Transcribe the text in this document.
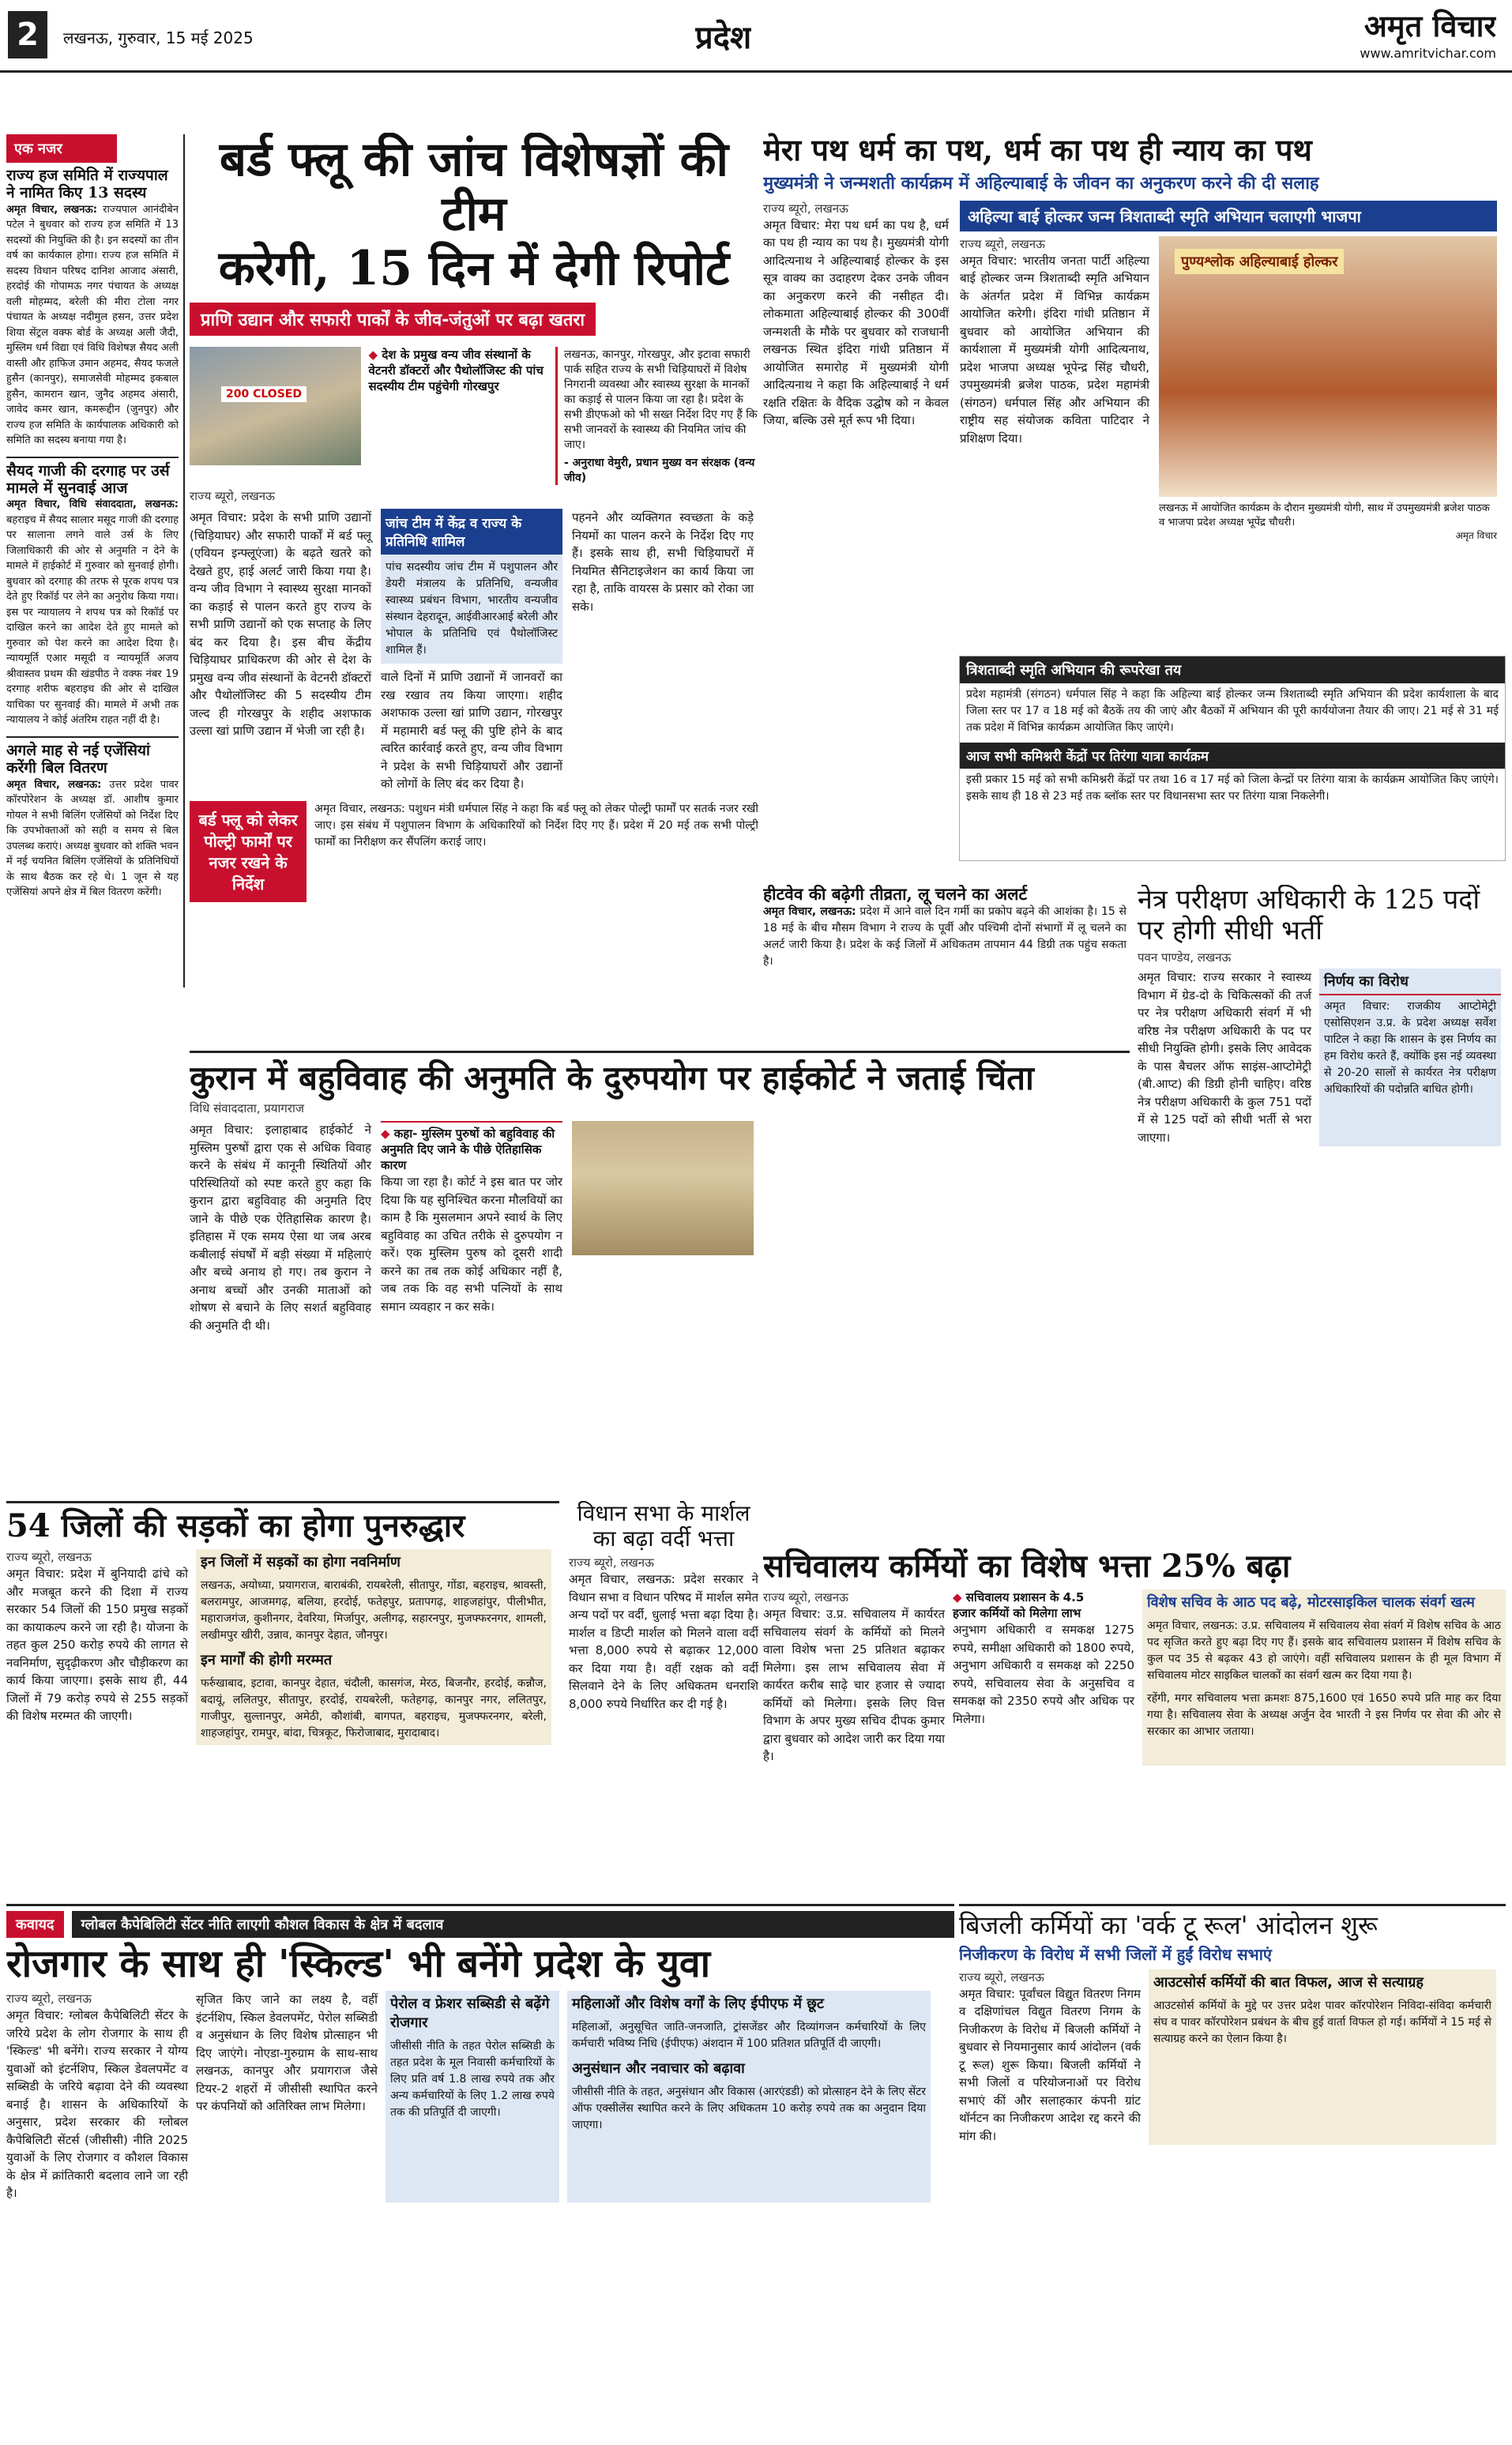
2	लखनऊ, गुरुवार, 15 मई 2025	प्रदेश	अमृत विचार
www.amritvichar.com
एक नजर
राज्य हज समिति में राज्यपाल ने नामित किए 13 सदस्य
अमृत विचार, लखनऊ: राज्यपाल आनंदीबेन पटेल ने बुधवार को राज्य हज समिति में 13 सदस्यों की नियुक्ति की है। इन सदस्यों का तीन वर्ष का कार्यकाल होगा। राज्य हज समिति में सदस्य विधान परिषद दानिश आजाद अंसारी, हरदोई की गोपामऊ नगर पंचायत के अध्यक्ष वली मोहम्मद, बरेली की मीरा टोला नगर पंचायत के अध्यक्ष नदीमुल हसन, उत्तर प्रदेश शिया सेंट्रल वक्फ बोर्ड के अध्यक्ष अली जैदी, मुस्लिम धर्म विद्या एवं विधि विशेषज्ञ सैयद अली वास्ती और हाफिज उमान अहमद, सैयद फजले हुसैन (कानपुर), समाजसेवी मोहम्मद इकबाल हुसैन, कामरान खान, जुनैद अहमद अंसारी, जावेद कमर खान, कमरूद्दीन (जुनपुर) और राज्य हज समिति के कार्यपालक अधिकारी को समिति का सदस्य बनाया गया है।
सैयद गाजी की दरगाह पर उर्स मामले में सुनवाई आज
अमृत विचार, विधि संवाददाता, लखनऊ: बहराइच में सैयद सालार मसूद गाजी की दरगाह पर सालाना लगने वाले उर्स के लिए जिलाधिकारी की ओर से अनुमति न देने के मामले में हाईकोर्ट में गुरुवार को सुनवाई होगी। बुधवार को दरगाह की तरफ से पूरक शपथ पत्र देते हुए रिकॉर्ड पर लेने का अनुरोध किया गया। इस पर न्यायालय ने शपथ पत्र को रिकॉर्ड पर दाखिल करने का आदेश देते हुए मामले को गुरुवार को पेश करने का आदेश दिया है। न्यायमूर्ति एआर मसूदी व न्यायमूर्ति अजय श्रीवास्तव प्रथम की खंडपीठ ने वक्फ नंबर 19 दरगाह शरीफ बहराइच की ओर से दाखिल याचिका पर सुनवाई की। मामले में अभी तक न्यायालय ने कोई अंतरिम राहत नहीं दी है।
अगले माह से नई एजेंसियां करेंगी बिल वितरण
अमृत विचार, लखनऊ: उत्तर प्रदेश पावर कॉरपोरेशन के अध्यक्ष डॉ. आशीष कुमार गोयल ने सभी बिलिंग एजेंसियों को निर्देश दिए कि उपभोक्ताओं को सही व समय से बिल उपलब्ध कराएं। अध्यक्ष बुधवार को शक्ति भवन में नई चयनित बिलिंग एजेंसियों के प्रतिनिधियों के साथ बैठक कर रहे थे। 1 जून से यह एजेंसियां अपने क्षेत्र में बिल वितरण करेंगी।
बर्ड फ्लू की जांच विशेषज्ञों की टीम
करेगी, 15 दिन में देगी रिपोर्ट
प्राणि उद्यान और सफारी पार्कों के जीव-जंतुओं पर बढ़ा खतरा
200 CLOSED
◆ देश के प्रमुख वन्य जीव संस्थानों के वेटनरी डॉक्टरों और पैथोलॉजिस्ट की पांच सदस्यीय टीम पहुंचेगी गोरखपुर
लखनऊ, कानपुर, गोरखपुर, और इटावा सफारी पार्क सहित राज्य के सभी चिड़ियाघरों में विशेष निगरानी व्यवस्था और स्वास्थ्य सुरक्षा के मानकों का कड़ाई से पालन किया जा रहा है। प्रदेश के सभी डीएफओ को भी सख्त निर्देश दिए गए हैं कि सभी जानवरों के स्वास्थ्य की नियमित जांच की जाए।
- अनुराधा वेमुरी, प्रधान मुख्य वन संरक्षक (वन्य जीव)
राज्य ब्यूरो, लखनऊ
अमृत विचार: प्रदेश के सभी प्राणि उद्यानों (चिड़ियाघर) और सफारी पार्कों में बर्ड फ्लू (एवियन इन्फ्लूएंजा) के बढ़ते खतरे को देखते हुए, हाई अलर्ट जारी किया गया है। वन्य जीव विभाग ने स्वास्थ्य सुरक्षा मानकों का कड़ाई से पालन करते हुए राज्य के सभी प्राणि उद्यानों को एक सप्ताह के लिए बंद कर दिया है। इस बीच केंद्रीय चिड़ियाघर प्राधिकरण की ओर से देश के प्रमुख वन्य जीव संस्थानों के वेटनरी डॉक्टरों और पैथोलॉजिस्ट की 5 सदस्यीय टीम जल्द ही गोरखपुर के शहीद अशफाक उल्ला खां प्राणि उद्यान में भेजी जा रही है।
जांच टीम में केंद्र व राज्य के प्रतिनिधि शामिल
पांच सदस्यीय जांच टीम में पशुपालन और डेयरी मंत्रालय के प्रतिनिधि, वन्यजीव स्वास्थ्य प्रबंधन विभाग, भारतीय वन्यजीव संस्थान देहरादून, आईवीआरआई बरेली और भोपाल के प्रतिनिधि एवं पैथोलॉजिस्ट शामिल हैं।
वाले दिनों में प्राणि उद्यानों में जानवरों का रख रखाव तय किया जाएगा। शहीद अशफाक उल्ला खां प्राणि उद्यान, गोरखपुर में महामारी बर्ड फ्लू की पुष्टि होने के बाद त्वरित कार्रवाई करते हुए, वन्य जीव विभाग ने प्रदेश के सभी चिड़ियाघरों और उद्यानों को लोगों के लिए बंद कर दिया है।
पहनने और व्यक्तिगत स्वच्छता के कड़े नियमों का पालन करने के निर्देश दिए गए हैं। इसके साथ ही, सभी चिड़ियाघरों में नियमित सैनिटाइजेशन का कार्य किया जा रहा है, ताकि वायरस के प्रसार को रोका जा सके।
बर्ड फ्लू को लेकर पोल्ट्री फार्मों पर नजर रखने के निर्देश
अमृत विचार, लखनऊ: पशुधन मंत्री धर्मपाल सिंह ने कहा कि बर्ड फ्लू को लेकर पोल्ट्री फार्मों पर सतर्क नजर रखी जाए। इस संबंध में पशुपालन विभाग के अधिकारियों को निर्देश दिए गए हैं। प्रदेश में 20 मई तक सभी पोल्ट्री फार्मों का निरीक्षण कर सैंपलिंग कराई जाए।
मेरा पथ धर्म का पथ, धर्म का पथ ही न्याय का पथ
मुख्यमंत्री ने जन्मशती कार्यक्रम में अहिल्याबाई के जीवन का अनुकरण करने की दी सलाह
राज्य ब्यूरो, लखनऊ
अमृत विचार: मेरा पथ धर्म का पथ है, धर्म का पथ ही न्याय का पथ है। मुख्यमंत्री योगी आदित्यनाथ ने अहिल्याबाई होल्कर के इस सूत्र वाक्य का उदाहरण देकर उनके जीवन का अनुकरण करने की नसीहत दी। लोकमाता अहिल्याबाई होल्कर की 300वीं जन्मशती के मौके पर बुधवार को राजधानी लखनऊ स्थित इंदिरा गांधी प्रतिष्ठान में आयोजित समारोह में मुख्यमंत्री योगी आदित्यनाथ ने कहा कि अहिल्याबाई ने धर्म रक्षति रक्षितः के वैदिक उद्घोष को न केवल जिया, बल्कि उसे मूर्त रूप भी दिया।
अहिल्या बाई होल्कर जन्म त्रिशताब्दी स्मृति अभियान चलाएगी भाजपा
राज्य ब्यूरो, लखनऊ
अमृत विचार: भारतीय जनता पार्टी अहिल्या बाई होल्कर जन्म त्रिशताब्दी स्मृति अभियान के अंतर्गत प्रदेश में विभिन्न कार्यक्रम आयोजित करेगी। इंदिरा गांधी प्रतिष्ठान में बुधवार को आयोजित अभियान की कार्यशाला में मुख्यमंत्री योगी आदित्यनाथ, प्रदेश भाजपा अध्यक्ष भूपेन्द्र सिंह चौधरी, उपमुख्यमंत्री ब्रजेश पाठक, प्रदेश महामंत्री (संगठन) धर्मपाल सिंह और अभियान की राष्ट्रीय सह संयोजक कविता पाटिदार ने प्रशिक्षण दिया।
पुण्यश्लोक अहिल्याबाई होल्कर
लखनऊ में आयोजित कार्यक्रम के दौरान मुख्यमंत्री योगी, साथ में उपमुख्यमंत्री ब्रजेश पाठक व भाजपा प्रदेश अध्यक्ष भूपेंद्र चौधरी।
अमृत विचार
त्रिशताब्दी स्मृति अभियान की रूपरेखा तय
प्रदेश महामंत्री (संगठन) धर्मपाल सिंह ने कहा कि अहिल्या बाई होल्कर जन्म त्रिशताब्दी स्मृति अभियान की प्रदेश कार्यशाला के बाद जिला स्तर पर 17 व 18 मई को बैठकें तय की जाएं और बैठकों में अभियान की पूरी कार्ययोजना तैयार की जाए। 21 मई से 31 मई तक प्रदेश में विभिन्न कार्यक्रम आयोजित किए जाएंगे।
आज सभी कमिश्नरी केंद्रों पर तिरंगा यात्रा कार्यक्रम
इसी प्रकार 15 मई को सभी कमिश्नरी केंद्रों पर तथा 16 व 17 मई को जिला केन्द्रों पर तिरंगा यात्रा के कार्यक्रम आयोजित किए जाएंगे। इसके साथ ही 18 से 23 मई तक ब्लॉक स्तर पर विधानसभा स्तर पर तिरंगा यात्रा निकलेगी।
हीटवेव की बढ़ेगी तीव्रता, लू चलने का अलर्ट
अमृत विचार, लखनऊ: प्रदेश में आने वाले दिन गर्मी का प्रकोप बढ़ने की आशंका है। 15 से 18 मई के बीच मौसम विभाग ने राज्य के पूर्वी और पश्चिमी दोनों संभागों में लू चलने का अलर्ट जारी किया है। प्रदेश के कई जिलों में अधिकतम तापमान 44 डिग्री तक पहुंच सकता है।
नेत्र परीक्षण अधिकारी के 125 पदों पर होगी सीधी भर्ती
पवन पाण्डेय, लखनऊ
अमृत विचार: राज्य सरकार ने स्वास्थ्य विभाग में ग्रेड-दो के चिकित्सकों की तर्ज पर नेत्र परीक्षण अधिकारी संवर्ग में भी वरिष्ठ नेत्र परीक्षण अधिकारी के पद पर सीधी नियुक्ति होगी। इसके लिए आवेदक के पास बैचलर ऑफ साइंस-आप्टोमेट्री (बी.आप्ट) की डिग्री होनी चाहिए। वरिष्ठ नेत्र परीक्षण अधिकारी के कुल 751 पदों में से 125 पदों को सीधी भर्ती से भरा जाएगा।
निर्णय का विरोध
अमृत विचार: राजकीय आप्टोमेट्री एसोसिएशन उ.प्र. के प्रदेश अध्यक्ष सर्वेश पाटिल ने कहा कि शासन के इस निर्णय का हम विरोध करते हैं, क्योंकि इस नई व्यवस्था से 20-20 सालों से कार्यरत नेत्र परीक्षण अधिकारियों की पदोन्नति बाधित होगी।
कुरान में बहुविवाह की अनुमति के दुरुपयोग पर हाईकोर्ट ने जताई चिंता
विधि संवाददाता, प्रयागराज
अमृत विचार: इलाहाबाद हाईकोर्ट ने मुस्लिम पुरुषों द्वारा एक से अधिक विवाह करने के संबंध में कानूनी स्थितियों और परिस्थितियों को स्पष्ट करते हुए कहा कि कुरान द्वारा बहुविवाह की अनुमति दिए जाने के पीछे एक ऐतिहासिक कारण है। इतिहास में एक समय ऐसा था जब अरब कबीलाई संघर्षों में बड़ी संख्या में महिलाएं और बच्चे अनाथ हो गए। तब कुरान ने अनाथ बच्चों और उनकी माताओं को शोषण से बचाने के लिए सशर्त बहुविवाह की अनुमति दी थी।
◆ कहा- मुस्लिम पुरुषों को बहुविवाह की अनुमति दिए जाने के पीछे ऐतिहासिक कारण
किया जा रहा है। कोर्ट ने इस बात पर जोर दिया कि यह सुनिश्चित करना मौलवियों का काम है कि मुसलमान अपने स्वार्थ के लिए बहुविवाह का उचित तरीके से दुरुपयोग न करें। एक मुस्लिम पुरुष को दूसरी शादी करने का तब तक कोई अधिकार नहीं है, जब तक कि वह सभी पत्नियों के साथ समान व्यवहार न कर सके।
54 जिलों की सड़कों का होगा पुनरुद्धार
राज्य ब्यूरो, लखनऊ
अमृत विचार: प्रदेश में बुनियादी ढांचे को और मजबूत करने की दिशा में राज्य सरकार 54 जिलों की 150 प्रमुख सड़कों का कायाकल्प करने जा रही है। योजना के तहत कुल 250 करोड़ रुपये की लागत से नवनिर्माण, सुदृढ़ीकरण और चौड़ीकरण का कार्य किया जाएगा। इसके साथ ही, 44 जिलों में 79 करोड़ रुपये से 255 सड़कों की विशेष मरम्मत की जाएगी।
इन जिलों में सड़कों का होगा नवनिर्माण
लखनऊ, अयोध्या, प्रयागराज, बाराबंकी, रायबरेली, सीतापुर, गोंडा, बहराइच, श्रावस्ती, बलरामपुर, आजमगढ़, बलिया, हरदोई, फतेहपुर, प्रतापगढ़, शाहजहांपुर, पीलीभीत, महाराजगंज, कुशीनगर, देवरिया, मिर्जापुर, अलीगढ़, सहारनपुर, मुजफ्फरनगर, शामली, लखीमपुर खीरी, उन्नाव, कानपुर देहात, जौनपुर।
इन मार्गों की होगी मरम्मत
फर्रुखाबाद, इटावा, कानपुर देहात, चंदौली, कासगंज, मेरठ, बिजनौर, हरदोई, कन्नौज, बदायूं, ललितपुर, सीतापुर, हरदोई, रायबरेली, फतेहगढ़, कानपुर नगर, ललितपुर, गाजीपुर, सुल्तानपुर, अमेठी, कौशांबी, बागपत, बहराइच, मुजफ्फरनगर, बरेली, शाहजहांपुर, रामपुर, बांदा, चित्रकूट, फिरोजाबाद, मुरादाबाद।
विधान सभा के मार्शल का बढ़ा वर्दी भत्ता
राज्य ब्यूरो, लखनऊ
अमृत विचार, लखनऊ: प्रदेश सरकार ने विधान सभा व विधान परिषद में मार्शल समेत अन्य पदों पर वर्दी, धुलाई भत्ता बढ़ा दिया है। मार्शल व डिप्टी मार्शल को मिलने वाला वर्दी भत्ता 8,000 रुपये से बढ़ाकर 12,000 कर दिया गया है। वहीं रक्षक को वर्दी सिलवाने देने के लिए अधिकतम धनराशि 8,000 रुपये निर्धारित कर दी गई है।
सचिवालय कर्मियों का विशेष भत्ता 25% बढ़ा
राज्य ब्यूरो, लखनऊ
अमृत विचार: उ.प्र. सचिवालय में कार्यरत सचिवालय संवर्ग के कर्मियों को मिलने वाला विशेष भत्ता 25 प्रतिशत बढ़ाकर मिलेगा। इस लाभ सचिवालय सेवा में कार्यरत करीब साढ़े चार हजार से ज्यादा कर्मियों को मिलेगा। इसके लिए वित्त विभाग के अपर मुख्य सचिव दीपक कुमार द्वारा बुधवार को आदेश जारी कर दिया गया है।
◆ सचिवालय प्रशासन के 4.5
हजार कर्मियों को मिलेगा लाभ
अनुभाग अधिकारी व समकक्ष 1275 रुपये, समीक्षा अधिकारी को 1800 रुपये, अनुभाग अधिकारी व समकक्ष को 2250 रुपये, सचिवालय सेवा के अनुसचिव व समकक्ष को 2350 रुपये और अधिक पर मिलेगा।
विशेष सचिव के आठ पद बढ़े, मोटरसाइकिल चालक संवर्ग खत्म
अमृत विचार, लखनऊ: उ.प्र. सचिवालय में सचिवालय सेवा संवर्ग में विशेष सचिव के आठ पद सृजित करते हुए बढ़ा दिए गए हैं। इसके बाद सचिवालय प्रशासन में विशेष सचिव के कुल पद 35 से बढ़कर 43 हो जाएंगे। वहीं सचिवालय प्रशासन के ही मूल विभाग में सचिवालय मोटर साइकिल चालकों का संवर्ग खत्म कर दिया गया है।
रहेंगी, मगर सचिवालय भत्ता क्रमशः 875,1600 एवं 1650 रुपये प्रति माह कर दिया गया है। सचिवालय सेवा के अध्यक्ष अर्जुन देव भारती ने इस निर्णय पर सेवा की ओर से सरकार का आभार जताया।
कवायद	ग्लोबल कैपेबिलिटी सेंटर नीति लाएगी कौशल विकास के क्षेत्र में बदलाव
रोजगार के साथ ही 'स्किल्ड' भी बनेंगे प्रदेश के युवा
राज्य ब्यूरो, लखनऊ
अमृत विचार: ग्लोबल कैपेबिलिटी सेंटर के जरिये प्रदेश के लोग रोजगार के साथ ही 'स्किल्ड' भी बनेंगे। राज्य सरकार ने योग्य युवाओं को इंटर्नशिप, स्किल डेवलपमेंट व सब्सिडी के जरिये बढ़ावा देने की व्यवस्था बनाई है। शासन के अधिकारियों के अनुसार, प्रदेश सरकार की ग्लोबल कैपेबिलिटी सेंटर्स (जीसीसी) नीति 2025 युवाओं के लिए रोजगार व कौशल विकास के क्षेत्र में क्रांतिकारी बदलाव लाने जा रही है।
सृजित किए जाने का लक्ष्य है, वहीं इंटर्नशिप, स्किल डेवलपमेंट, पेरोल सब्सिडी व अनुसंधान के लिए विशेष प्रोत्साहन भी दिए जाएंगे। नोएडा-गुरुग्राम के साथ-साथ लखनऊ, कानपुर और प्रयागराज जैसे टियर-2 शहरों में जीसीसी स्थापित करने पर कंपनियों को अतिरिक्त लाभ मिलेगा।
पेरोल व फ्रेशर सब्सिडी से बढ़ेंगे रोजगार
जीसीसी नीति के तहत पेरोल सब्सिडी के तहत प्रदेश के मूल निवासी कर्मचारियों के लिए प्रति वर्ष 1.8 लाख रुपये तक और अन्य कर्मचारियों के लिए 1.2 लाख रुपये तक की प्रतिपूर्ति दी जाएगी।
महिलाओं और विशेष वर्गों के लिए ईपीएफ में छूट
महिलाओं, अनुसूचित जाति-जनजाति, ट्रांसजेंडर और दिव्यांगजन कर्मचारियों के लिए कर्मचारी भविष्य निधि (ईपीएफ) अंशदान में 100 प्रतिशत प्रतिपूर्ति दी जाएगी।
अनुसंधान और नवाचार को बढ़ावा
जीसीसी नीति के तहत, अनुसंधान और विकास (आरएंडडी) को प्रोत्साहन देने के लिए सेंटर ऑफ एक्सीलेंस स्थापित करने के लिए अधिकतम 10 करोड़ रुपये तक का अनुदान दिया जाएगा।
बिजली कर्मियों का 'वर्क टू रूल' आंदोलन शुरू
निजीकरण के विरोध में सभी जिलों में हुईं विरोध सभाएं
राज्य ब्यूरो, लखनऊ
अमृत विचार: पूर्वांचल विद्युत वितरण निगम व दक्षिणांचल विद्युत वितरण निगम के निजीकरण के विरोध में बिजली कर्मियों ने बुधवार से नियमानुसार कार्य आंदोलन (वर्क टू रूल) शुरू किया। बिजली कर्मियों ने सभी जिलों व परियोजनाओं पर विरोध सभाएं कीं और सलाहकार कंपनी ग्रांट थॉर्नटन का निजीकरण आदेश रद्द करने की मांग की।
आउटसोर्स कर्मियों की बात विफल, आज से सत्याग्रह
आउटसोर्स कर्मियों के मुद्दे पर उत्तर प्रदेश पावर कॉरपोरेशन निविदा-संविदा कर्मचारी संघ व पावर कॉरपोरेशन प्रबंधन के बीच हुई वार्ता विफल हो गई। कर्मियों ने 15 मई से सत्याग्रह करने का ऐलान किया है।
